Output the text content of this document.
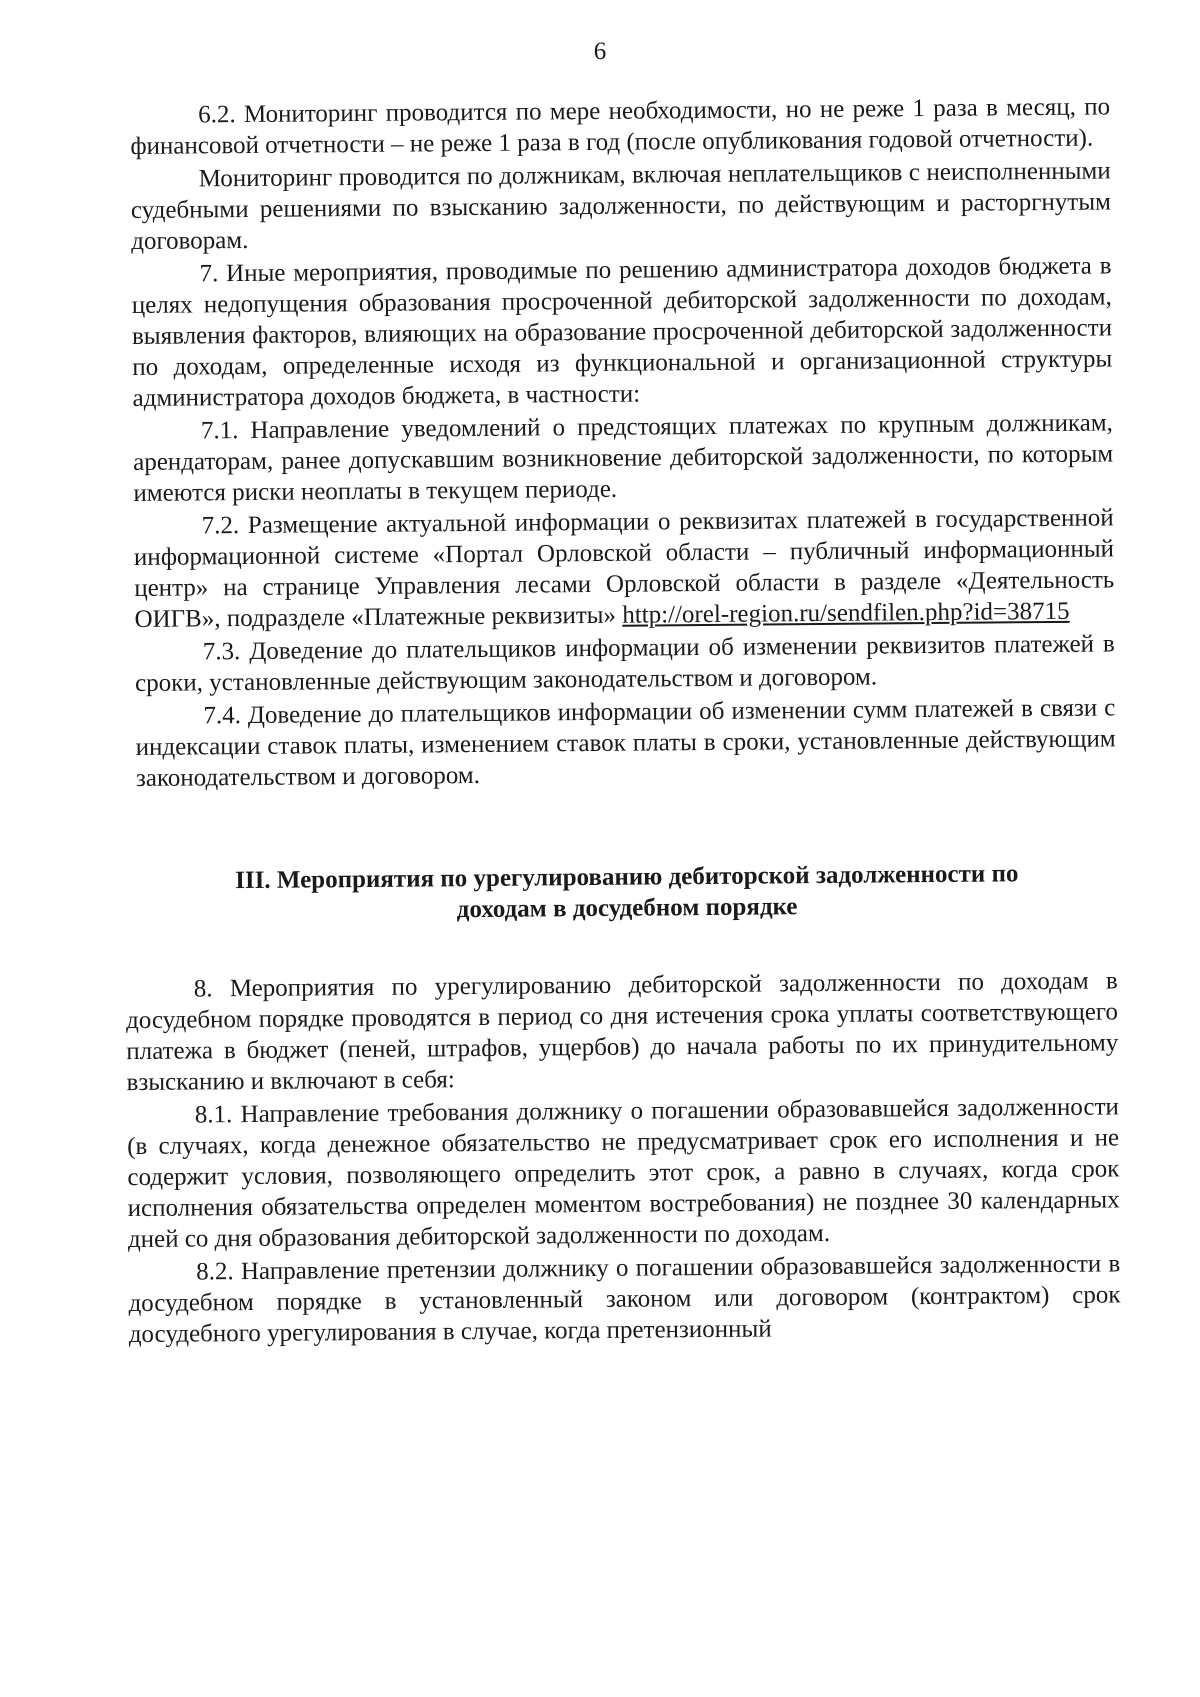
6

6.2. Мониторинг проводится по мере необходимости, но не реже 1 раза в месяц, по финансовой отчетности – не реже 1 раза в год (после опубликования годовой отчетности).

Мониторинг проводится по должникам, включая неплательщиков с неисполненными судебными решениями по взысканию задолженности, по действующим и расторгнутым договорам.

7. Иные мероприятия, проводимые по решению администратора доходов бюджета в целях недопущения образования просроченной дебиторской задолженности по доходам, выявления факторов, влияющих на образование просроченной дебиторской задолженности по доходам, определенные исходя из функциональной и организационной структуры администратора доходов бюджета, в частности:

7.1. Направление уведомлений о предстоящих платежах по крупным должникам, арендаторам, ранее допускавшим возникновение дебиторской задолженности, по которым имеются риски неоплаты в текущем периоде.

7.2. Размещение актуальной информации о реквизитах платежей в государственной информационной системе «Портал Орловской области – публичный информационный центр» на странице Управления лесами Орловской области в разделе «Деятельность ОИГВ», подразделе «Платежные реквизиты» http://orel-region.ru/sendfilen.php?id=38715

7.3. Доведение до плательщиков информации об изменении реквизитов платежей в сроки, установленные действующим законодательством и договором.

7.4. Доведение до плательщиков информации об изменении сумм платежей в связи с индексации ставок платы, изменением ставок платы в сроки, установленные действующим законодательством и договором.

III. Мероприятия по урегулированию дебиторской задолженности по доходам в досудебном порядке

8. Мероприятия по урегулированию дебиторской задолженности по доходам в досудебном порядке проводятся в период со дня истечения срока уплаты соответствующего платежа в бюджет (пеней, штрафов, ущербов) до начала работы по их принудительному взысканию и включают в себя:

8.1. Направление требования должнику о погашении образовавшейся задолженности (в случаях, когда денежное обязательство не предусматривает срок его исполнения и не содержит условия, позволяющего определить этот срок, а равно в случаях, когда срок исполнения обязательства определен моментом востребования) не позднее 30 календарных дней со дня образования дебиторской задолженности по доходам.

8.2. Направление претензии должнику о погашении образовавшейся задолженности в досудебном порядке в установленный законом или договором (контрактом) срок досудебного урегулирования в случае, когда претензионный
